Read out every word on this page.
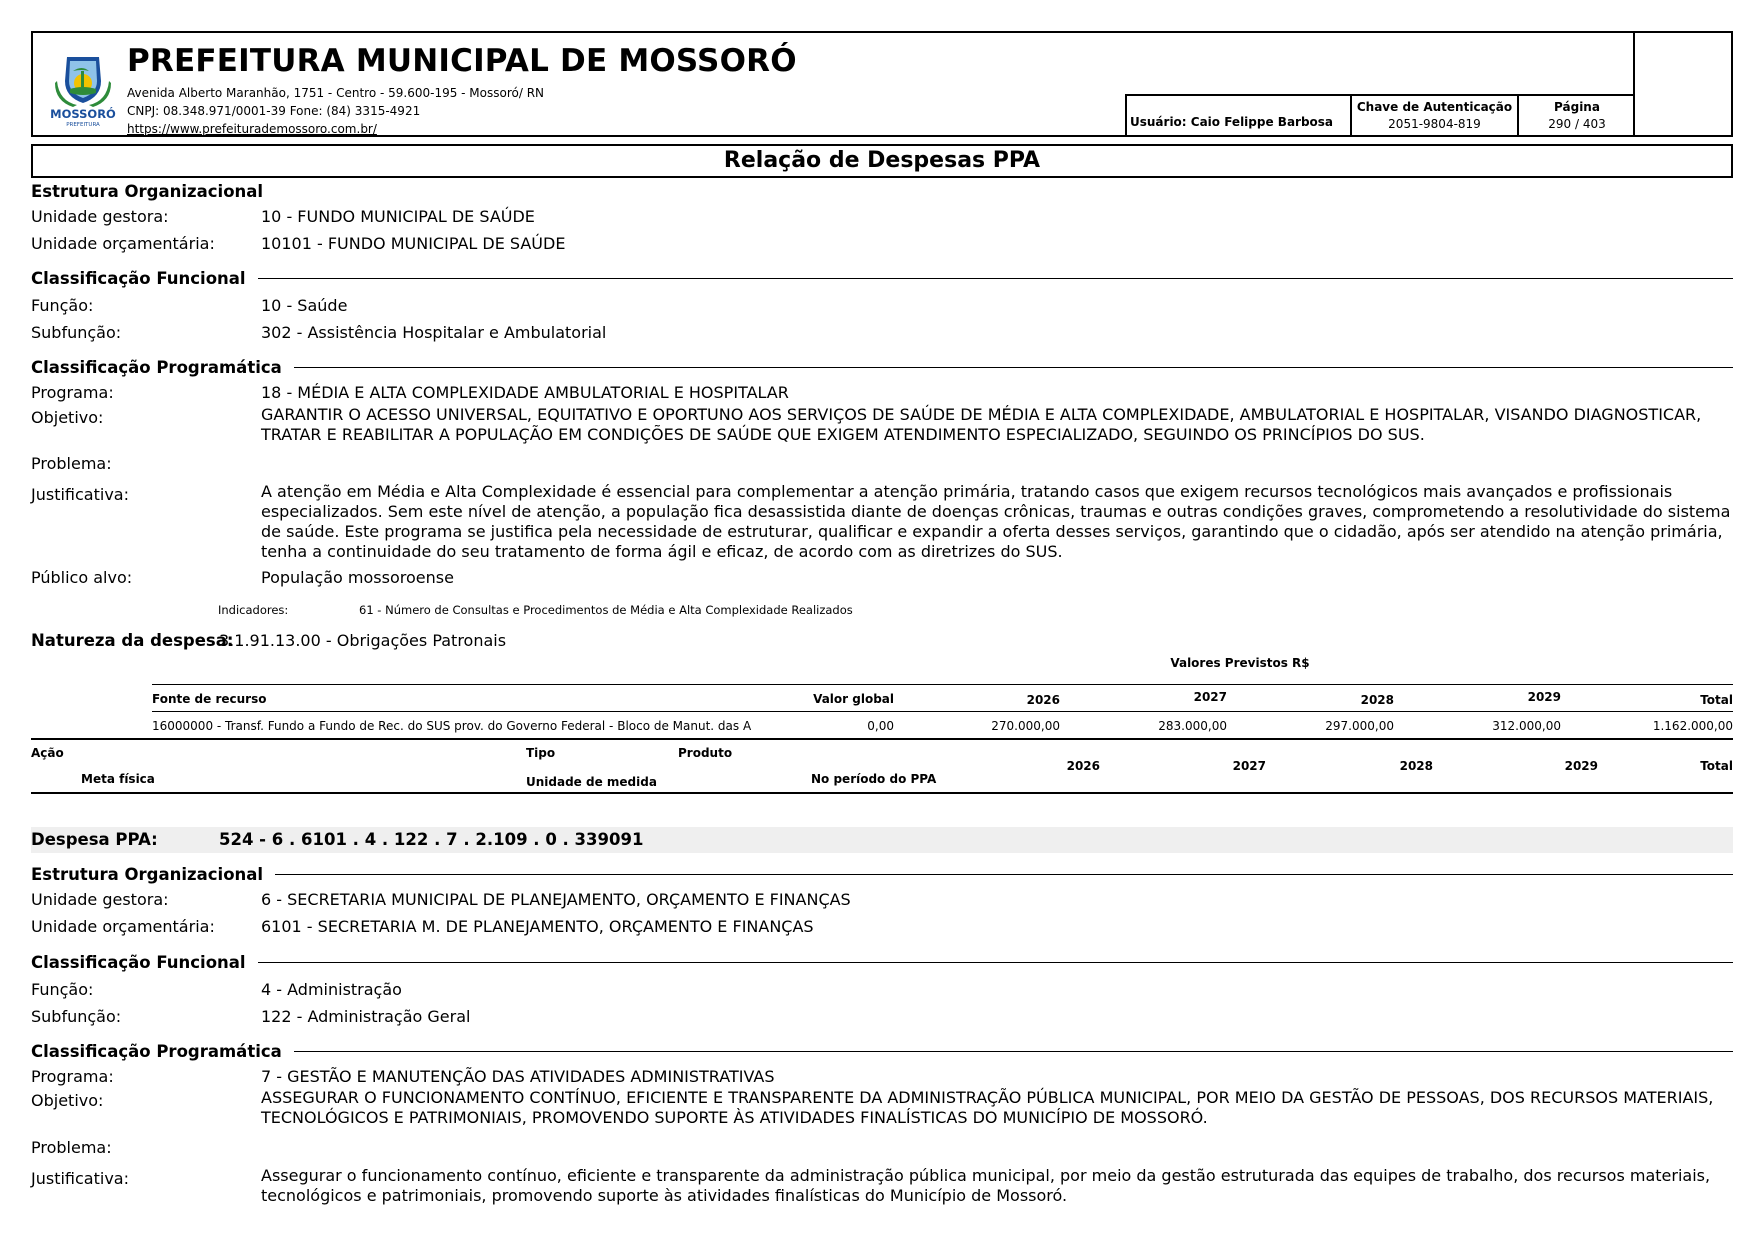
MOSSORÓ
PREFEITURA
PREFEITURA MUNICIPAL DE MOSSORÓ
Avenida Alberto Maranhão, 1751 - Centro - 59.600-195 - Mossoró/ RN
CNPJ: 08.348.971/0001-39 Fone: (84) 3315-4921
https://www.prefeiturademossoro.com.br/	Usuário: Caio Felippe Barbosa
Chave de Autenticação
2051-9804-819
Página
290 / 403
Relação de Despesas PPA
Estrutura Organizacional
Unidade gestora:	10 - FUNDO MUNICIPAL DE SAÚDE
Unidade orçamentária:	10101 - FUNDO MUNICIPAL DE SAÚDE
Classificação Funcional
Função:	10 - Saúde
Subfunção:	302 - Assistência Hospitalar e Ambulatorial
Classificação Programática
Programa:	18 - MÉDIA E ALTA COMPLEXIDADE AMBULATORIAL E HOSPITALAR
Objetivo:	GARANTIR O ACESSO UNIVERSAL, EQUITATIVO E OPORTUNO AOS SERVIÇOS DE SAÚDE DE MÉDIA E ALTA COMPLEXIDADE, AMBULATORIAL E HOSPITALAR, VISANDO DIAGNOSTICAR, TRATAR E REABILITAR A POPULAÇÃO EM CONDIÇÕES DE SAÚDE QUE EXIGEM ATENDIMENTO ESPECIALIZADO, SEGUINDO OS PRINCÍPIOS DO SUS.
Problema:
Justificativa:	A atenção em Média e Alta Complexidade é essencial para complementar a atenção primária, tratando casos que exigem recursos tecnológicos mais avançados e profissionais especializados. Sem este nível de atenção, a população fica desassistida diante de doenças crônicas, traumas e outras condições graves, comprometendo a resolutividade do sistema de saúde. Este programa se justifica pela necessidade de estruturar, qualificar e expandir a oferta desses serviços, garantindo que o cidadão, após ser atendido na atenção primária, tenha a continuidade do seu tratamento de forma ágil e eficaz, de acordo com as diretrizes do SUS.
Público alvo:	População mossoroense
Indicadores:	61 - Número de Consultas e Procedimentos de Média e Alta Complexidade Realizados
Natureza da despesa:
3.1.91.13.00 - Obrigações Patronais
Valores Previstos R$
Fonte de recurso	Valor global	2026	2027	2028	2029	Total
16000000 - Transf. Fundo a Fundo de Rec. do SUS prov. do Governo Federal - Bloco de Manut. das A	0,00	270.000,00	283.000,00	297.000,00	312.000,00	1.162.000,00
Ação	Tipo	Produto
Meta física	Unidade de medida	No período do PPA
2026	2027	2028	2029	Total
Despesa PPA:	524 - 6 . 6101 . 4 . 122 . 7 . 2.109 . 0 . 339091
Estrutura Organizacional
Unidade gestora:	6 - SECRETARIA MUNICIPAL DE PLANEJAMENTO, ORÇAMENTO E FINANÇAS
Unidade orçamentária:	6101 - SECRETARIA M. DE PLANEJAMENTO, ORÇAMENTO E FINANÇAS
Classificação Funcional
Função:	4 - Administração
Subfunção:	122 - Administração Geral
Classificação Programática
Programa:	7 - GESTÃO E MANUTENÇÃO DAS ATIVIDADES ADMINISTRATIVAS
Objetivo:	ASSEGURAR O FUNCIONAMENTO CONTÍNUO, EFICIENTE E TRANSPARENTE DA ADMINISTRAÇÃO PÚBLICA MUNICIPAL, POR MEIO DA GESTÃO DE PESSOAS, DOS RECURSOS MATERIAIS, TECNOLÓGICOS E PATRIMONIAIS, PROMOVENDO SUPORTE ÀS ATIVIDADES FINALÍSTICAS DO MUNICÍPIO DE MOSSORÓ.
Problema:
Justificativa:	Assegurar o funcionamento contínuo, eficiente e transparente da administração pública municipal, por meio da gestão estruturada das equipes de trabalho, dos recursos materiais, tecnológicos e patrimoniais, promovendo suporte às atividades finalísticas do Município de Mossoró.
